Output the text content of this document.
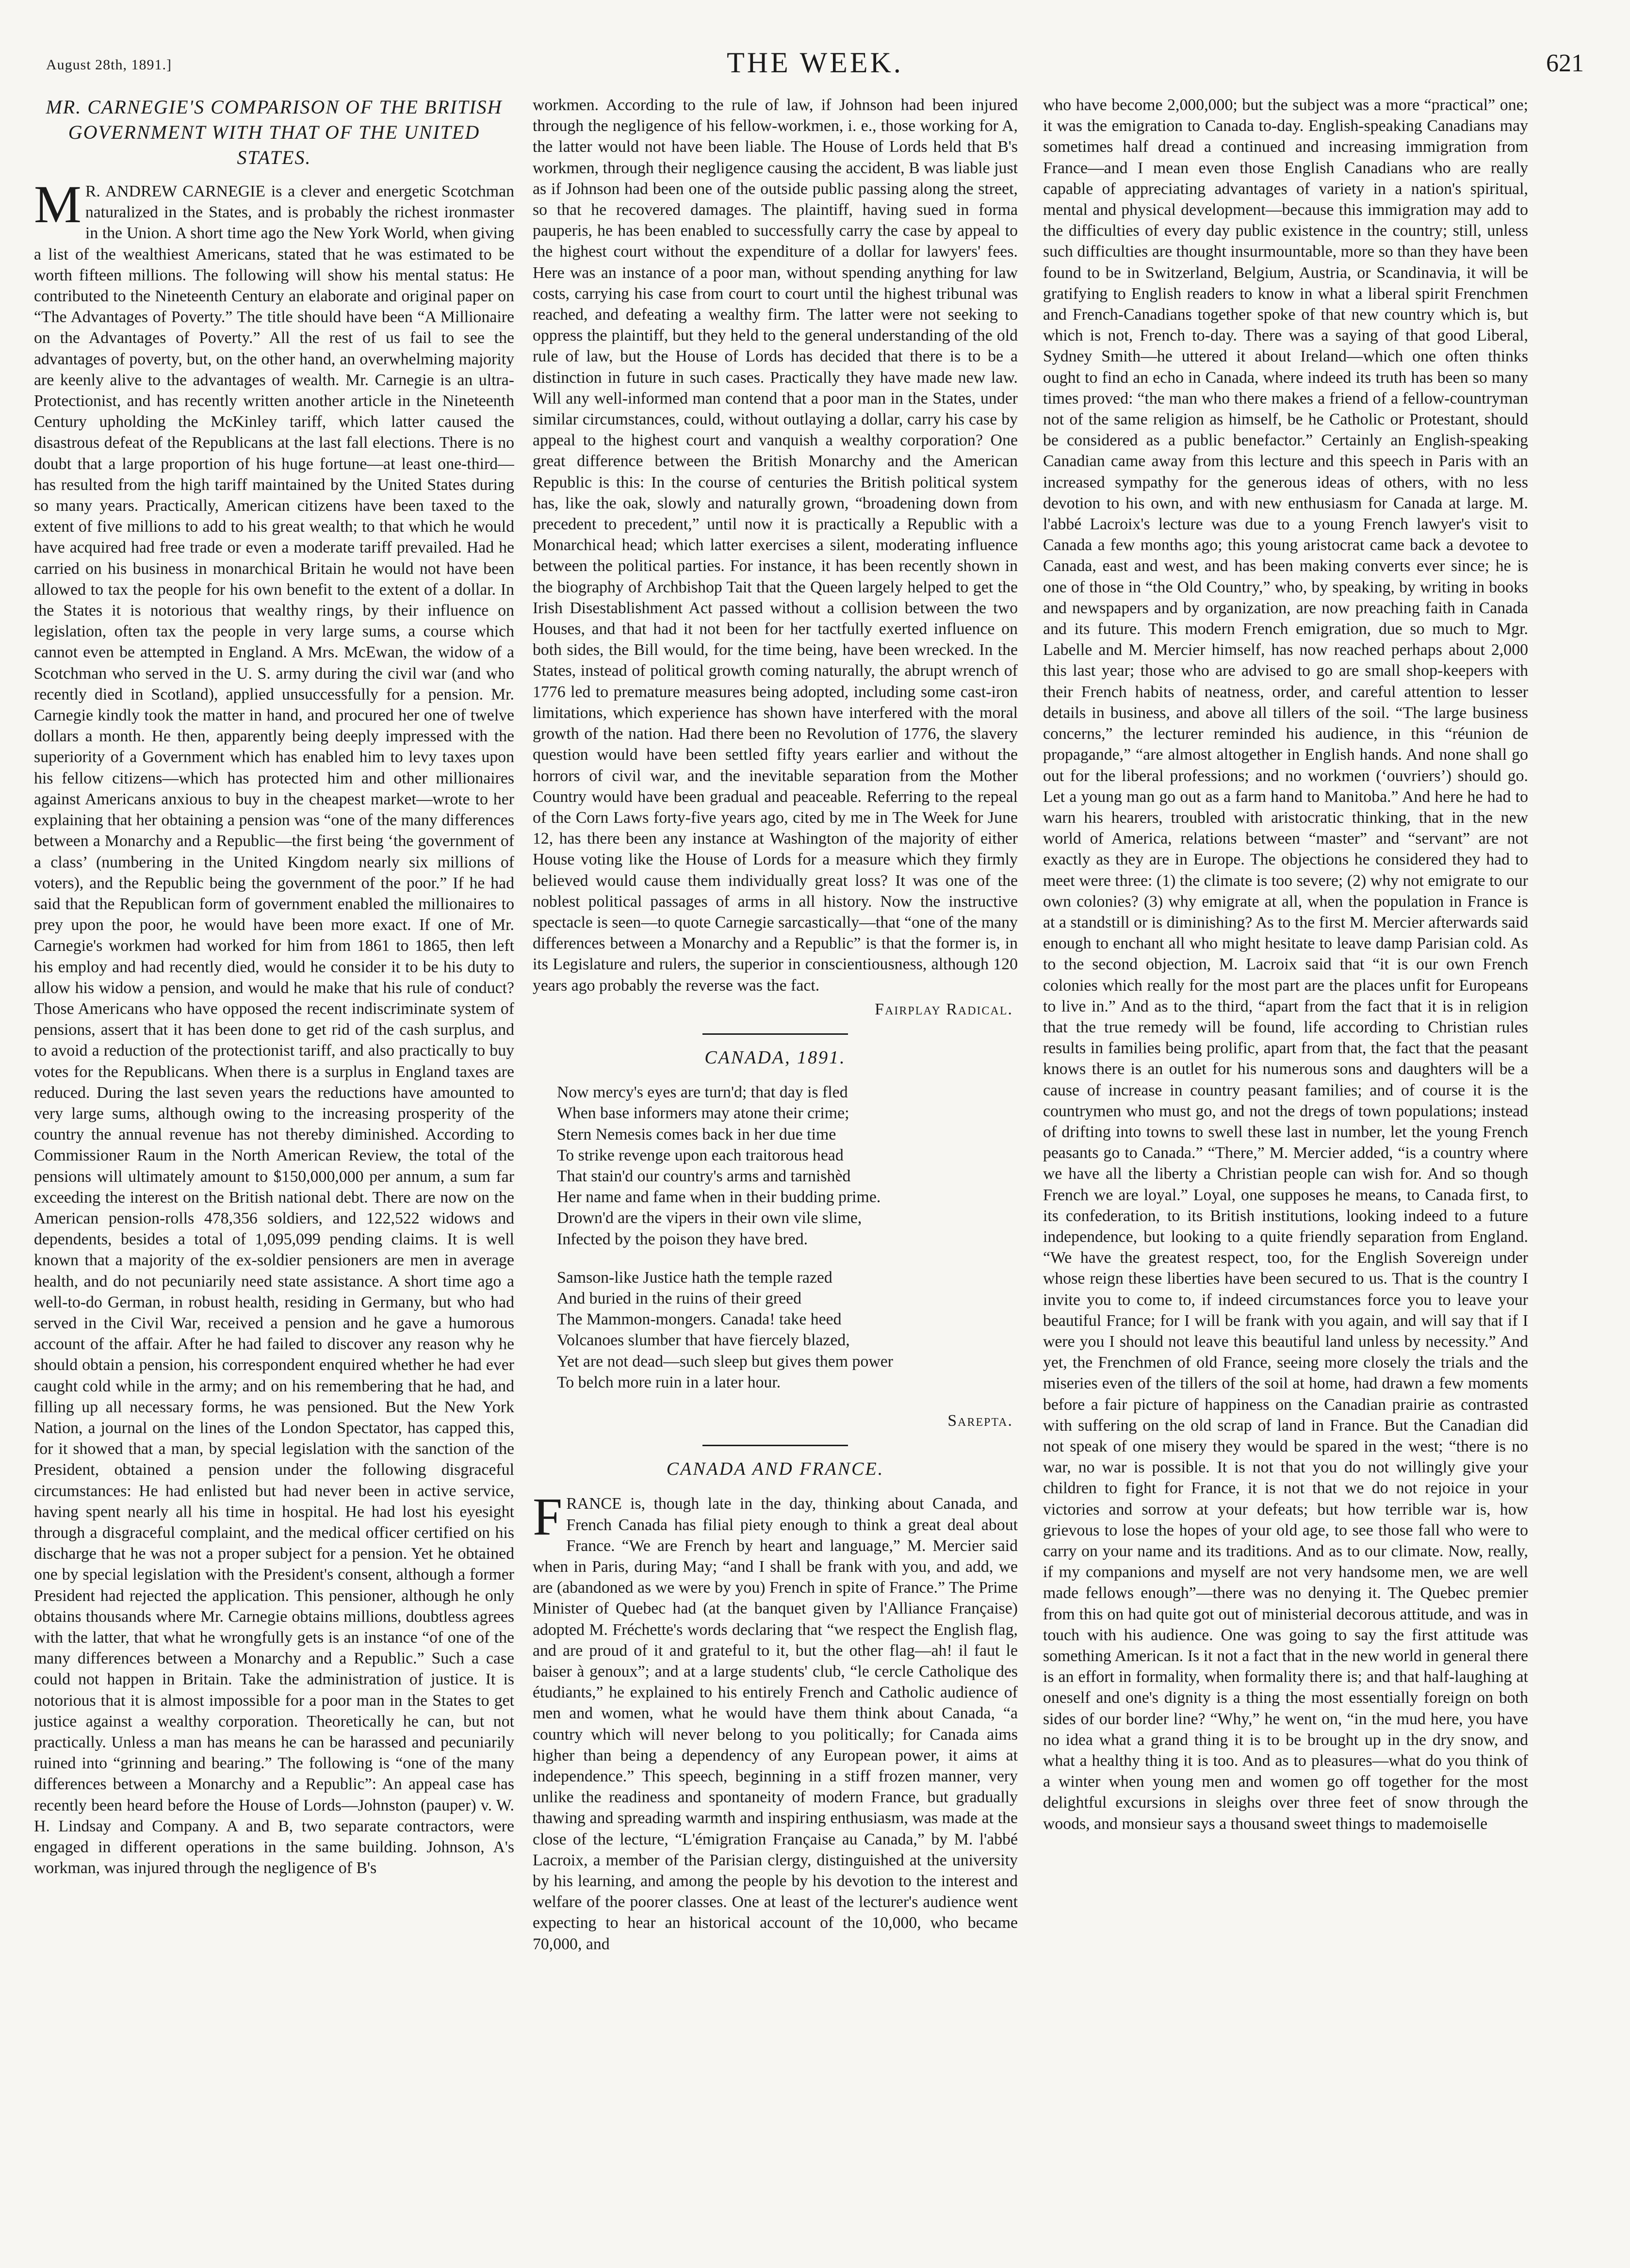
August 28th, 1891.]	THE WEEK.	621
MR. CARNEGIE'S COMPARISON OF THE BRITISH GOVERNMENT WITH THAT OF THE UNITED STATES.

MR. ANDREW CARNEGIE is a clever and energetic Scotchman naturalized in the States, and is probably the richest ironmaster in the Union. A short time ago the New York World, when giving a list of the wealthiest Americans, stated that he was estimated to be worth fifteen millions. The following will show his mental status: He contributed to the Nineteenth Century an elaborate and original paper on “The Advantages of Poverty.” The title should have been “A Millionaire on the Advantages of Poverty.” All the rest of us fail to see the advantages of poverty, but, on the other hand, an overwhelming majority are keenly alive to the advantages of wealth. Mr. Carnegie is an ultra-Protectionist, and has recently written another article in the Nineteenth Century upholding the McKinley tariff, which latter caused the disastrous defeat of the Republicans at the last fall elections. There is no doubt that a large proportion of his huge fortune—at least one-third—has resulted from the high tariff maintained by the United States during so many years. Practically, American citizens have been taxed to the extent of five millions to add to his great wealth; to that which he would have acquired had free trade or even a moderate tariff prevailed. Had he carried on his business in monarchical Britain he would not have been allowed to tax the people for his own benefit to the extent of a dollar. In the States it is notorious that wealthy rings, by their influence on legislation, often tax the people in very large sums, a course which cannot even be attempted in England. A Mrs. McEwan, the widow of a Scotchman who served in the U. S. army during the civil war (and who recently died in Scotland), applied unsuccessfully for a pension. Mr. Carnegie kindly took the matter in hand, and procured her one of twelve dollars a month. He then, apparently being deeply impressed with the superiority of a Government which has enabled him to levy taxes upon his fellow citizens—which has protected him and other millionaires against Americans anxious to buy in the cheapest market—wrote to her explaining that her obtaining a pension was “one of the many differences between a Monarchy and a Republic—the first being ‘the government of a class’ (numbering in the United Kingdom nearly six millions of voters), and the Republic being the government of the poor.” If he had said that the Republican form of government enabled the millionaires to prey upon the poor, he would have been more exact. If one of Mr. Carnegie's workmen had worked for him from 1861 to 1865, then left his employ and had recently died, would he consider it to be his duty to allow his widow a pension, and would he make that his rule of conduct? Those Americans who have opposed the recent indiscriminate system of pensions, assert that it has been done to get rid of the cash surplus, and to avoid a reduction of the protectionist tariff, and also practically to buy votes for the Republicans. When there is a surplus in England taxes are reduced. During the last seven years the reductions have amounted to very large sums, although owing to the increasing prosperity of the country the annual revenue has not thereby diminished. According to Commissioner Raum in the North American Review, the total of the pensions will ultimately amount to $150,000,000 per annum, a sum far exceeding the interest on the British national debt. There are now on the American pension-rolls 478,356 soldiers, and 122,522 widows and dependents, besides a total of 1,095,099 pending claims. It is well known that a majority of the ex-soldier pensioners are men in average health, and do not pecuniarily need state assistance. A short time ago a well-to-do German, in robust health, residing in Germany, but who had served in the Civil War, received a pension and he gave a humorous account of the affair. After he had failed to discover any reason why he should obtain a pension, his correspondent enquired whether he had ever caught cold while in the army; and on his remembering that he had, and filling up all necessary forms, he was pensioned. But the New York Nation, a journal on the lines of the London Spectator, has capped this, for it showed that a man, by special legislation with the sanction of the President, obtained a pension under the following disgraceful circumstances: He had enlisted but had never been in active service, having spent nearly all his time in hospital. He had lost his eyesight through a disgraceful complaint, and the medical officer certified on his discharge that he was not a proper subject for a pension. Yet he obtained one by special legislation with the President's consent, although a former President had rejected the application. This pensioner, although he only obtains thousands where Mr. Carnegie obtains millions, doubtless agrees with the latter, that what he wrongfully gets is an instance “of one of the many differences between a Monarchy and a Republic.” Such a case could not happen in Britain. Take the administration of justice. It is notorious that it is almost impossible for a poor man in the States to get justice against a wealthy corporation. Theoretically he can, but not practically. Unless a man has means he can be harassed and pecuniarily ruined into “grinning and bearing.” The following is “one of the many differences between a Monarchy and a Republic”: An appeal case has recently been heard before the House of Lords—Johnston (pauper) v. W. H. Lindsay and Company. A and B, two separate contractors, were engaged in different operations in the same building. Johnson, A's workman, was injured through the negligence of B's

workmen. According to the rule of law, if Johnson had been injured through the negligence of his fellow-workmen, i. e., those working for A, the latter would not have been liable. The House of Lords held that B's workmen, through their negligence causing the accident, B was liable just as if Johnson had been one of the outside public passing along the street, so that he recovered damages. The plaintiff, having sued in forma pauperis, he has been enabled to successfully carry the case by appeal to the highest court without the expenditure of a dollar for lawyers' fees. Here was an instance of a poor man, without spending anything for law costs, carrying his case from court to court until the highest tribunal was reached, and defeating a wealthy firm. The latter were not seeking to oppress the plaintiff, but they held to the general understanding of the old rule of law, but the House of Lords has decided that there is to be a distinction in future in such cases. Practically they have made new law. Will any well-informed man contend that a poor man in the States, under similar circumstances, could, without outlaying a dollar, carry his case by appeal to the highest court and vanquish a wealthy corporation? One great difference between the British Monarchy and the American Republic is this: In the course of centuries the British political system has, like the oak, slowly and naturally grown, “broadening down from precedent to precedent,” until now it is practically a Republic with a Monarchical head; which latter exercises a silent, moderating influence between the political parties. For instance, it has been recently shown in the biography of Archbishop Tait that the Queen largely helped to get the Irish Disestablishment Act passed without a collision between the two Houses, and that had it not been for her tactfully exerted influence on both sides, the Bill would, for the time being, have been wrecked. In the States, instead of political growth coming naturally, the abrupt wrench of 1776 led to premature measures being adopted, including some cast-iron limitations, which experience has shown have interfered with the moral growth of the nation. Had there been no Revolution of 1776, the slavery question would have been settled fifty years earlier and without the horrors of civil war, and the inevitable separation from the Mother Country would have been gradual and peaceable. Referring to the repeal of the Corn Laws forty-five years ago, cited by me in The Week for June 12, has there been any instance at Washington of the majority of either House voting like the House of Lords for a measure which they firmly believed would cause them individually great loss? It was one of the noblest political passages of arms in all history. Now the instructive spectacle is seen—to quote Carnegie sarcastically—that “one of the many differences between a Monarchy and a Republic” is that the former is, in its Legislature and rulers, the superior in conscientiousness, although 120 years ago probably the reverse was the fact.

Fairplay Radical.
CANADA, 1891.
Now mercy's eyes are turn'd; that day is fled
When base informers may atone their crime;
Stern Nemesis comes back in her due time
To strike revenge upon each traitorous head
That stain'd our country's arms and tarnishèd
Her name and fame when in their budding prime.
Drown'd are the vipers in their own vile slime,
Infected by the poison they have bred.
Samson-like Justice hath the temple razed
And buried in the ruins of their greed
The Mammon-mongers. Canada! take heed
Volcanoes slumber that have fiercely blazed,
Yet are not dead—such sleep but gives them power
To belch more ruin in a later hour.
Sarepta.
CANADA AND FRANCE.

FRANCE is, though late in the day, thinking about Canada, and French Canada has filial piety enough to think a great deal about France. “We are French by heart and language,” M. Mercier said when in Paris, during May; “and I shall be frank with you, and add, we are (abandoned as we were by you) French in spite of France.” The Prime Minister of Quebec had (at the banquet given by l'Alliance Française) adopted M. Fréchette's words declaring that “we respect the English flag, and are proud of it and grateful to it, but the other flag—ah! il faut le baiser à genoux”; and at a large students' club, “le cercle Catholique des étudiants,” he explained to his entirely French and Catholic audience of men and women, what he would have them think about Canada, “a country which will never belong to you politically; for Canada aims higher than being a dependency of any European power, it aims at independence.” This speech, beginning in a stiff frozen manner, very unlike the readiness and spontaneity of modern France, but gradually thawing and spreading warmth and inspiring enthusiasm, was made at the close of the lecture, “L'émigration Française au Canada,” by M. l'abbé Lacroix, a member of the Parisian clergy, distinguished at the university by his learning, and among the people by his devotion to the interest and welfare of the poorer classes. One at least of the lecturer's audience went expecting to hear an historical account of the 10,000, who became 70,000, and

who have become 2,000,000; but the subject was a more “practical” one; it was the emigration to Canada to-day. English-speaking Canadians may sometimes half dread a continued and increasing immigration from France—and I mean even those English Canadians who are really capable of appreciating advantages of variety in a nation's spiritual, mental and physical development—because this immigration may add to the difficulties of every day public existence in the country; still, unless such difficulties are thought insurmountable, more so than they have been found to be in Switzerland, Belgium, Austria, or Scandinavia, it will be gratifying to English readers to know in what a liberal spirit Frenchmen and French-Canadians together spoke of that new country which is, but which is not, French to-day. There was a saying of that good Liberal, Sydney Smith—he uttered it about Ireland—which one often thinks ought to find an echo in Canada, where indeed its truth has been so many times proved: “the man who there makes a friend of a fellow-countryman not of the same religion as himself, be he Catholic or Protestant, should be considered as a public benefactor.” Certainly an English-speaking Canadian came away from this lecture and this speech in Paris with an increased sympathy for the generous ideas of others, with no less devotion to his own, and with new enthusiasm for Canada at large. M. l'abbé Lacroix's lecture was due to a young French lawyer's visit to Canada a few months ago; this young aristocrat came back a devotee to Canada, east and west, and has been making converts ever since; he is one of those in “the Old Country,” who, by speaking, by writing in books and newspapers and by organization, are now preaching faith in Canada and its future. This modern French emigration, due so much to Mgr. Labelle and M. Mercier himself, has now reached perhaps about 2,000 this last year; those who are advised to go are small shop-keepers with their French habits of neatness, order, and careful attention to lesser details in business, and above all tillers of the soil. “The large business concerns,” the lecturer reminded his audience, in this “réunion de propagande,” “are almost altogether in English hands. And none shall go out for the liberal professions; and no workmen (‘ouvriers’) should go. Let a young man go out as a farm hand to Manitoba.” And here he had to warn his hearers, troubled with aristocratic thinking, that in the new world of America, relations between “master” and “servant” are not exactly as they are in Europe. The objections he considered they had to meet were three: (1) the climate is too severe; (2) why not emigrate to our own colonies? (3) why emigrate at all, when the population in France is at a standstill or is diminishing? As to the first M. Mercier afterwards said enough to enchant all who might hesitate to leave damp Parisian cold. As to the second objection, M. Lacroix said that “it is our own French colonies which really for the most part are the places unfit for Europeans to live in.” And as to the third, “apart from the fact that it is in religion that the true remedy will be found, life according to Christian rules results in families being prolific, apart from that, the fact that the peasant knows there is an outlet for his numerous sons and daughters will be a cause of increase in country peasant families; and of course it is the countrymen who must go, and not the dregs of town populations; instead of drifting into towns to swell these last in number, let the young French peasants go to Canada.” “There,” M. Mercier added, “is a country where we have all the liberty a Christian people can wish for. And so though French we are loyal.” Loyal, one supposes he means, to Canada first, to its confederation, to its British institutions, looking indeed to a future independence, but looking to a quite friendly separation from England. “We have the greatest respect, too, for the English Sovereign under whose reign these liberties have been secured to us. That is the country I invite you to come to, if indeed circumstances force you to leave your beautiful France; for I will be frank with you again, and will say that if I were you I should not leave this beautiful land unless by necessity.” And yet, the Frenchmen of old France, seeing more closely the trials and the miseries even of the tillers of the soil at home, had drawn a few moments before a fair picture of happiness on the Canadian prairie as contrasted with suffering on the old scrap of land in France. But the Canadian did not speak of one misery they would be spared in the west; “there is no war, no war is possible. It is not that you do not willingly give your children to fight for France, it is not that we do not rejoice in your victories and sorrow at your defeats; but how terrible war is, how grievous to lose the hopes of your old age, to see those fall who were to carry on your name and its traditions. And as to our climate. Now, really, if my companions and myself are not very handsome men, we are well made fellows enough”—there was no denying it. The Quebec premier from this on had quite got out of ministerial decorous attitude, and was in touch with his audience. One was going to say the first attitude was something American. Is it not a fact that in the new world in general there is an effort in formality, when formality there is; and that half-laughing at oneself and one's dignity is a thing the most essentially foreign on both sides of our border line? “Why,” he went on, “in the mud here, you have no idea what a grand thing it is to be brought up in the dry snow, and what a healthy thing it is too. And as to pleasures—what do you think of a winter when young men and women go off together for the most delightful excursions in sleighs over three feet of snow through the woods, and monsieur says a thousand sweet things to mademoiselle
